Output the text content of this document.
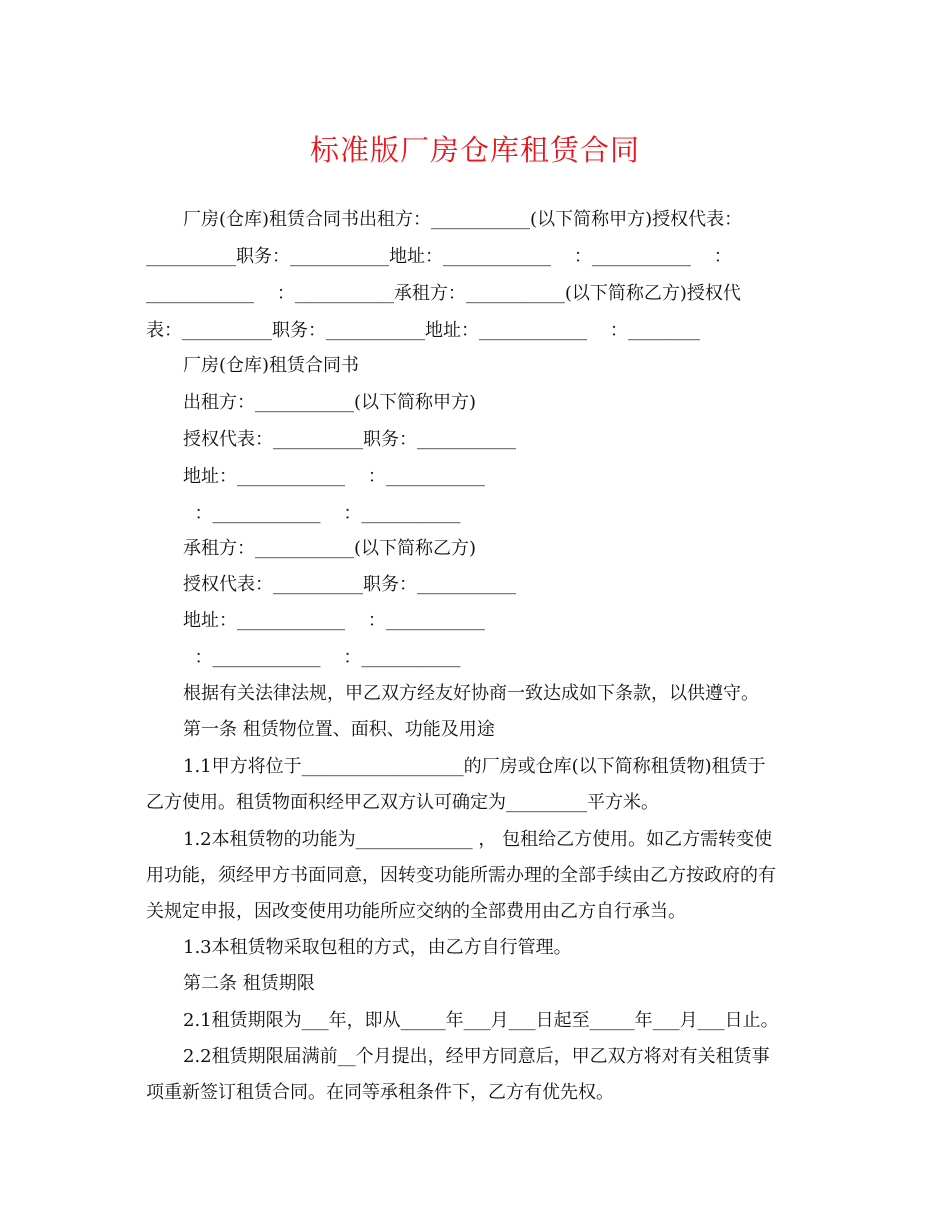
标准版厂房仓库租赁合同
厂房(仓库)租赁合同书出租方：___________(以下简称甲方)授权代表：
__________职务：___________地址：____________    ：___________    ：
____________    ：___________承租方：___________(以下简称乙方)授权代
表：__________职务：___________地址：____________    ：________
厂房(仓库)租赁合同书
出租方：___________(以下简称甲方)
授权代表：__________职务：___________
地址：____________    ：___________
：____________    ：___________
承租方：___________(以下简称乙方)
授权代表：__________职务：___________
地址：____________    ：___________
：____________    ：___________
根据有关法律法规，甲乙双方经友好协商一致达成如下条款，以供遵守。
第一条 租赁物位置、面积、功能及用途
1.1甲方将位于__________________的厂房或仓库(以下简称租赁物)租赁于
乙方使用。租赁物面积经甲乙双方认可确定为_________平方米。
1.2本租赁物的功能为_____________ ， 包租给乙方使用。如乙方需转变使
用功能，须经甲方书面同意，因转变功能所需办理的全部手续由乙方按政府的有
关规定申报，因改变使用功能所应交纳的全部费用由乙方自行承当。
1.3本租赁物采取包租的方式，由乙方自行管理。
第二条 租赁期限
2.1租赁期限为___年，即从_____年___月___日起至_____年___月___日止。
2.2租赁期限届满前__个月提出，经甲方同意后，甲乙双方将对有关租赁事
项重新签订租赁合同。在同等承租条件下，乙方有优先权。
